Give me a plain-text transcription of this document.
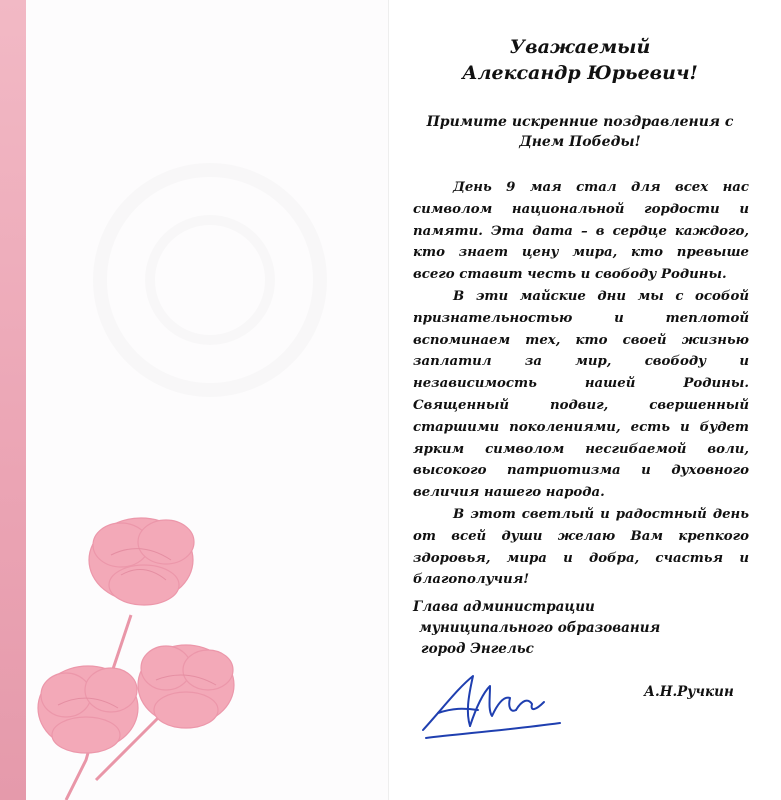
Уважаемый
Александр Юрьевич!
Примите искренние поздравления с
Днем Победы!

День 9 мая стал для всех нас символом национальной гордости и памяти. Эта дата – в сердце каждого, кто знает цену мира, кто превыше всего ставит честь и свободу Родины.

В эти майские дни мы с особой признательностью и теплотой вспоминаем тех, кто своей жизнью заплатил за мир, свободу и независимость нашей Родины. Священный подвиг, свершенный старшими поколениями, есть и будет ярким символом несгибаемой воли, высокого патриотизма и духовного величия нашего народа.

В этот светлый и радостный день от всей души желаю Вам крепкого здоровья, мира и добра, счастья и благополучия!

Глава администрации
муниципального образования
город Энгельс
А.Н.Ручкин
